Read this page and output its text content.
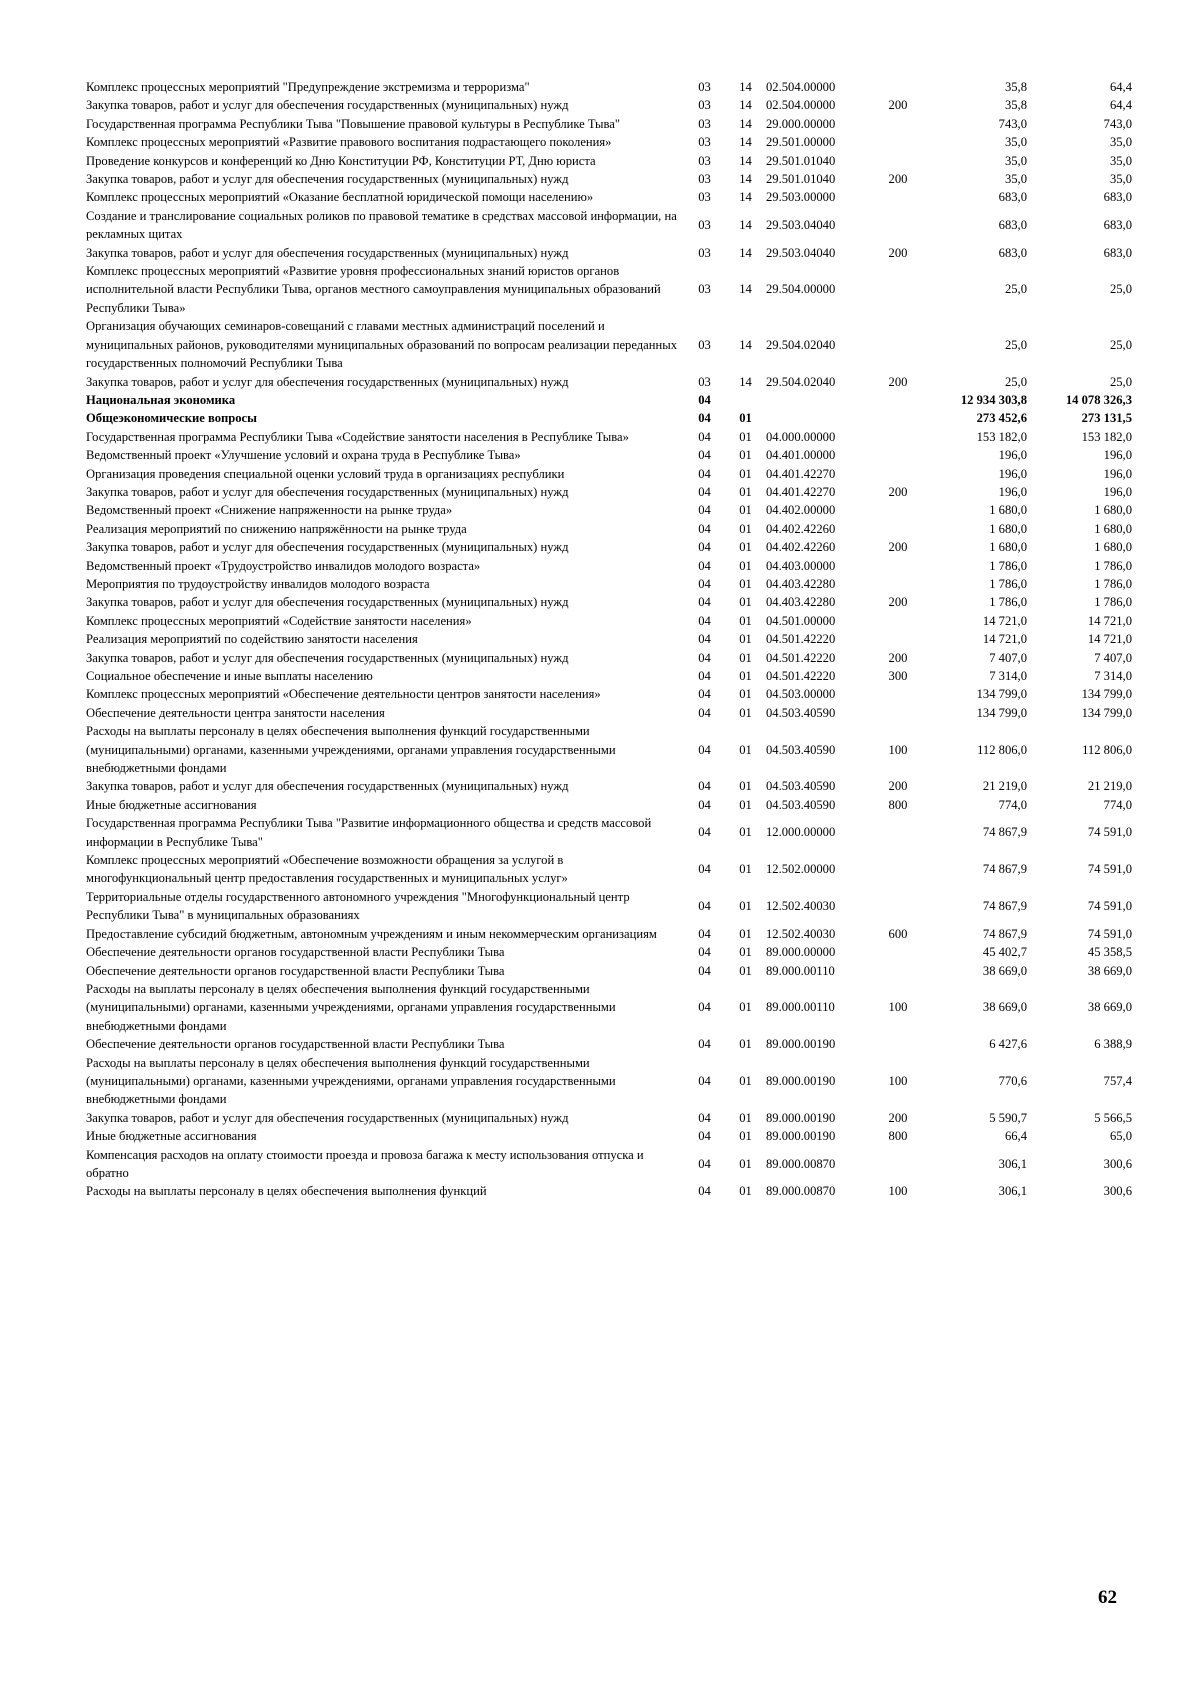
Комплекс процессных мероприятий "Предупреждение экстремизма и терроризма"	03	14	02.504.00000		35,8	64,4
Закупка товаров, работ и услуг для обеспечения государственных (муниципальных) нужд	03	14	02.504.00000	200	35,8	64,4
Государственная программа Республики Тыва "Повышение правовой культуры в Республике Тыва"	03	14	29.000.00000		743,0	743,0
Комплекс процессных мероприятий «Развитие правового воспитания подрастающего поколения»	03	14	29.501.00000		35,0	35,0
Проведение конкурсов и конференций ко Дню Конституции РФ, Конституции РТ, Дню юриста	03	14	29.501.01040		35,0	35,0
Закупка товаров, работ и услуг для обеспечения государственных (муниципальных) нужд	03	14	29.501.01040	200	35,0	35,0
Комплекс процессных мероприятий «Оказание бесплатной юридической помощи населению»	03	14	29.503.00000		683,0	683,0
Создание и транслирование социальных роликов по правовой тематике в средствах массовой информации, на рекламных щитах	03	14	29.503.04040		683,0	683,0
Закупка товаров, работ и услуг для обеспечения государственных (муниципальных) нужд	03	14	29.503.04040	200	683,0	683,0
Комплекс процессных мероприятий «Развитие уровня профессиональных знаний юристов органов исполнительной власти Республики Тыва, органов местного самоуправления муниципальных образований Республики Тыва»	03	14	29.504.00000		25,0	25,0
Организация обучающих семинаров-совещаний с главами местных администраций поселений и муниципальных районов, руководителями муниципальных образований по вопросам реализации переданных государственных полномочий Республики Тыва	03	14	29.504.02040		25,0	25,0
Закупка товаров, работ и услуг для обеспечения государственных (муниципальных) нужд	03	14	29.504.02040	200	25,0	25,0
Национальная экономика	04				12 934 303,8	14 078 326,3
Общеэкономические вопросы	04	01			273 452,6	273 131,5
Государственная программа Республики Тыва «Содействие занятости населения в Республике Тыва»	04	01	04.000.00000		153 182,0	153 182,0
Ведомственный проект «Улучшение условий и охрана труда в Республике Тыва»	04	01	04.401.00000		196,0	196,0
Организация проведения специальной оценки условий труда в организациях республики	04	01	04.401.42270		196,0	196,0
Закупка товаров, работ и услуг для обеспечения государственных (муниципальных) нужд	04	01	04.401.42270	200	196,0	196,0
Ведомственный проект «Снижение напряженности на рынке труда»	04	01	04.402.00000		1 680,0	1 680,0
Реализация мероприятий по снижению напряжённости на рынке труда	04	01	04.402.42260		1 680,0	1 680,0
Закупка товаров, работ и услуг для обеспечения государственных (муниципальных) нужд	04	01	04.402.42260	200	1 680,0	1 680,0
Ведомственный проект «Трудоустройство инвалидов молодого возраста»	04	01	04.403.00000		1 786,0	1 786,0
Мероприятия по трудоустройству инвалидов молодого возраста	04	01	04.403.42280		1 786,0	1 786,0
Закупка товаров, работ и услуг для обеспечения государственных (муниципальных) нужд	04	01	04.403.42280	200	1 786,0	1 786,0
Комплекс процессных мероприятий «Содействие занятости населения»	04	01	04.501.00000		14 721,0	14 721,0
Реализация мероприятий по содействию занятости населения	04	01	04.501.42220		14 721,0	14 721,0
Закупка товаров, работ и услуг для обеспечения государственных (муниципальных) нужд	04	01	04.501.42220	200	7 407,0	7 407,0
Социальное обеспечение и иные выплаты населению	04	01	04.501.42220	300	7 314,0	7 314,0
Комплекс процессных мероприятий «Обеспечение деятельности центров занятости населения»	04	01	04.503.00000		134 799,0	134 799,0
Обеспечение деятельности центра занятости населения	04	01	04.503.40590		134 799,0	134 799,0
Расходы на выплаты персоналу в целях обеспечения выполнения функций государственными (муниципальными) органами, казенными учреждениями, органами управления государственными внебюджетными фондами	04	01	04.503.40590	100	112 806,0	112 806,0
Закупка товаров, работ и услуг для обеспечения государственных (муниципальных) нужд	04	01	04.503.40590	200	21 219,0	21 219,0
Иные бюджетные ассигнования	04	01	04.503.40590	800	774,0	774,0
Государственная программа Республики Тыва "Развитие информационного общества и средств массовой информации в Республике Тыва"	04	01	12.000.00000		74 867,9	74 591,0
Комплекс процессных мероприятий «Обеспечение возможности обращения за услугой в многофункциональный центр предоставления государственных и муниципальных услуг»	04	01	12.502.00000		74 867,9	74 591,0
Территориальные отделы государственного автономного учреждения "Многофункциональный центр Республики Тыва" в муниципальных образованиях	04	01	12.502.40030		74 867,9	74 591,0
Предоставление субсидий бюджетным, автономным учреждениям и иным некоммерческим организациям	04	01	12.502.40030	600	74 867,9	74 591,0
Обеспечение деятельности органов государственной власти Республики Тыва	04	01	89.000.00000		45 402,7	45 358,5
Обеспечение деятельности органов государственной власти Республики Тыва	04	01	89.000.00110		38 669,0	38 669,0
Расходы на выплаты персоналу в целях обеспечения выполнения функций государственными (муниципальными) органами, казенными учреждениями, органами управления государственными внебюджетными фондами	04	01	89.000.00110	100	38 669,0	38 669,0
Обеспечение деятельности органов государственной власти Республики Тыва	04	01	89.000.00190		6 427,6	6 388,9
Расходы на выплаты персоналу в целях обеспечения выполнения функций государственными (муниципальными) органами, казенными учреждениями, органами управления государственными внебюджетными фондами	04	01	89.000.00190	100	770,6	757,4
Закупка товаров, работ и услуг для обеспечения государственных (муниципальных) нужд	04	01	89.000.00190	200	5 590,7	5 566,5
Иные бюджетные ассигнования	04	01	89.000.00190	800	66,4	65,0
Компенсация расходов на оплату стоимости проезда и провоза багажа к месту использования отпуска и обратно	04	01	89.000.00870		306,1	300,6
Расходы на выплаты персоналу в целях обеспечения выполнения функций	04	01	89.000.00870	100	306,1	300,6
62
